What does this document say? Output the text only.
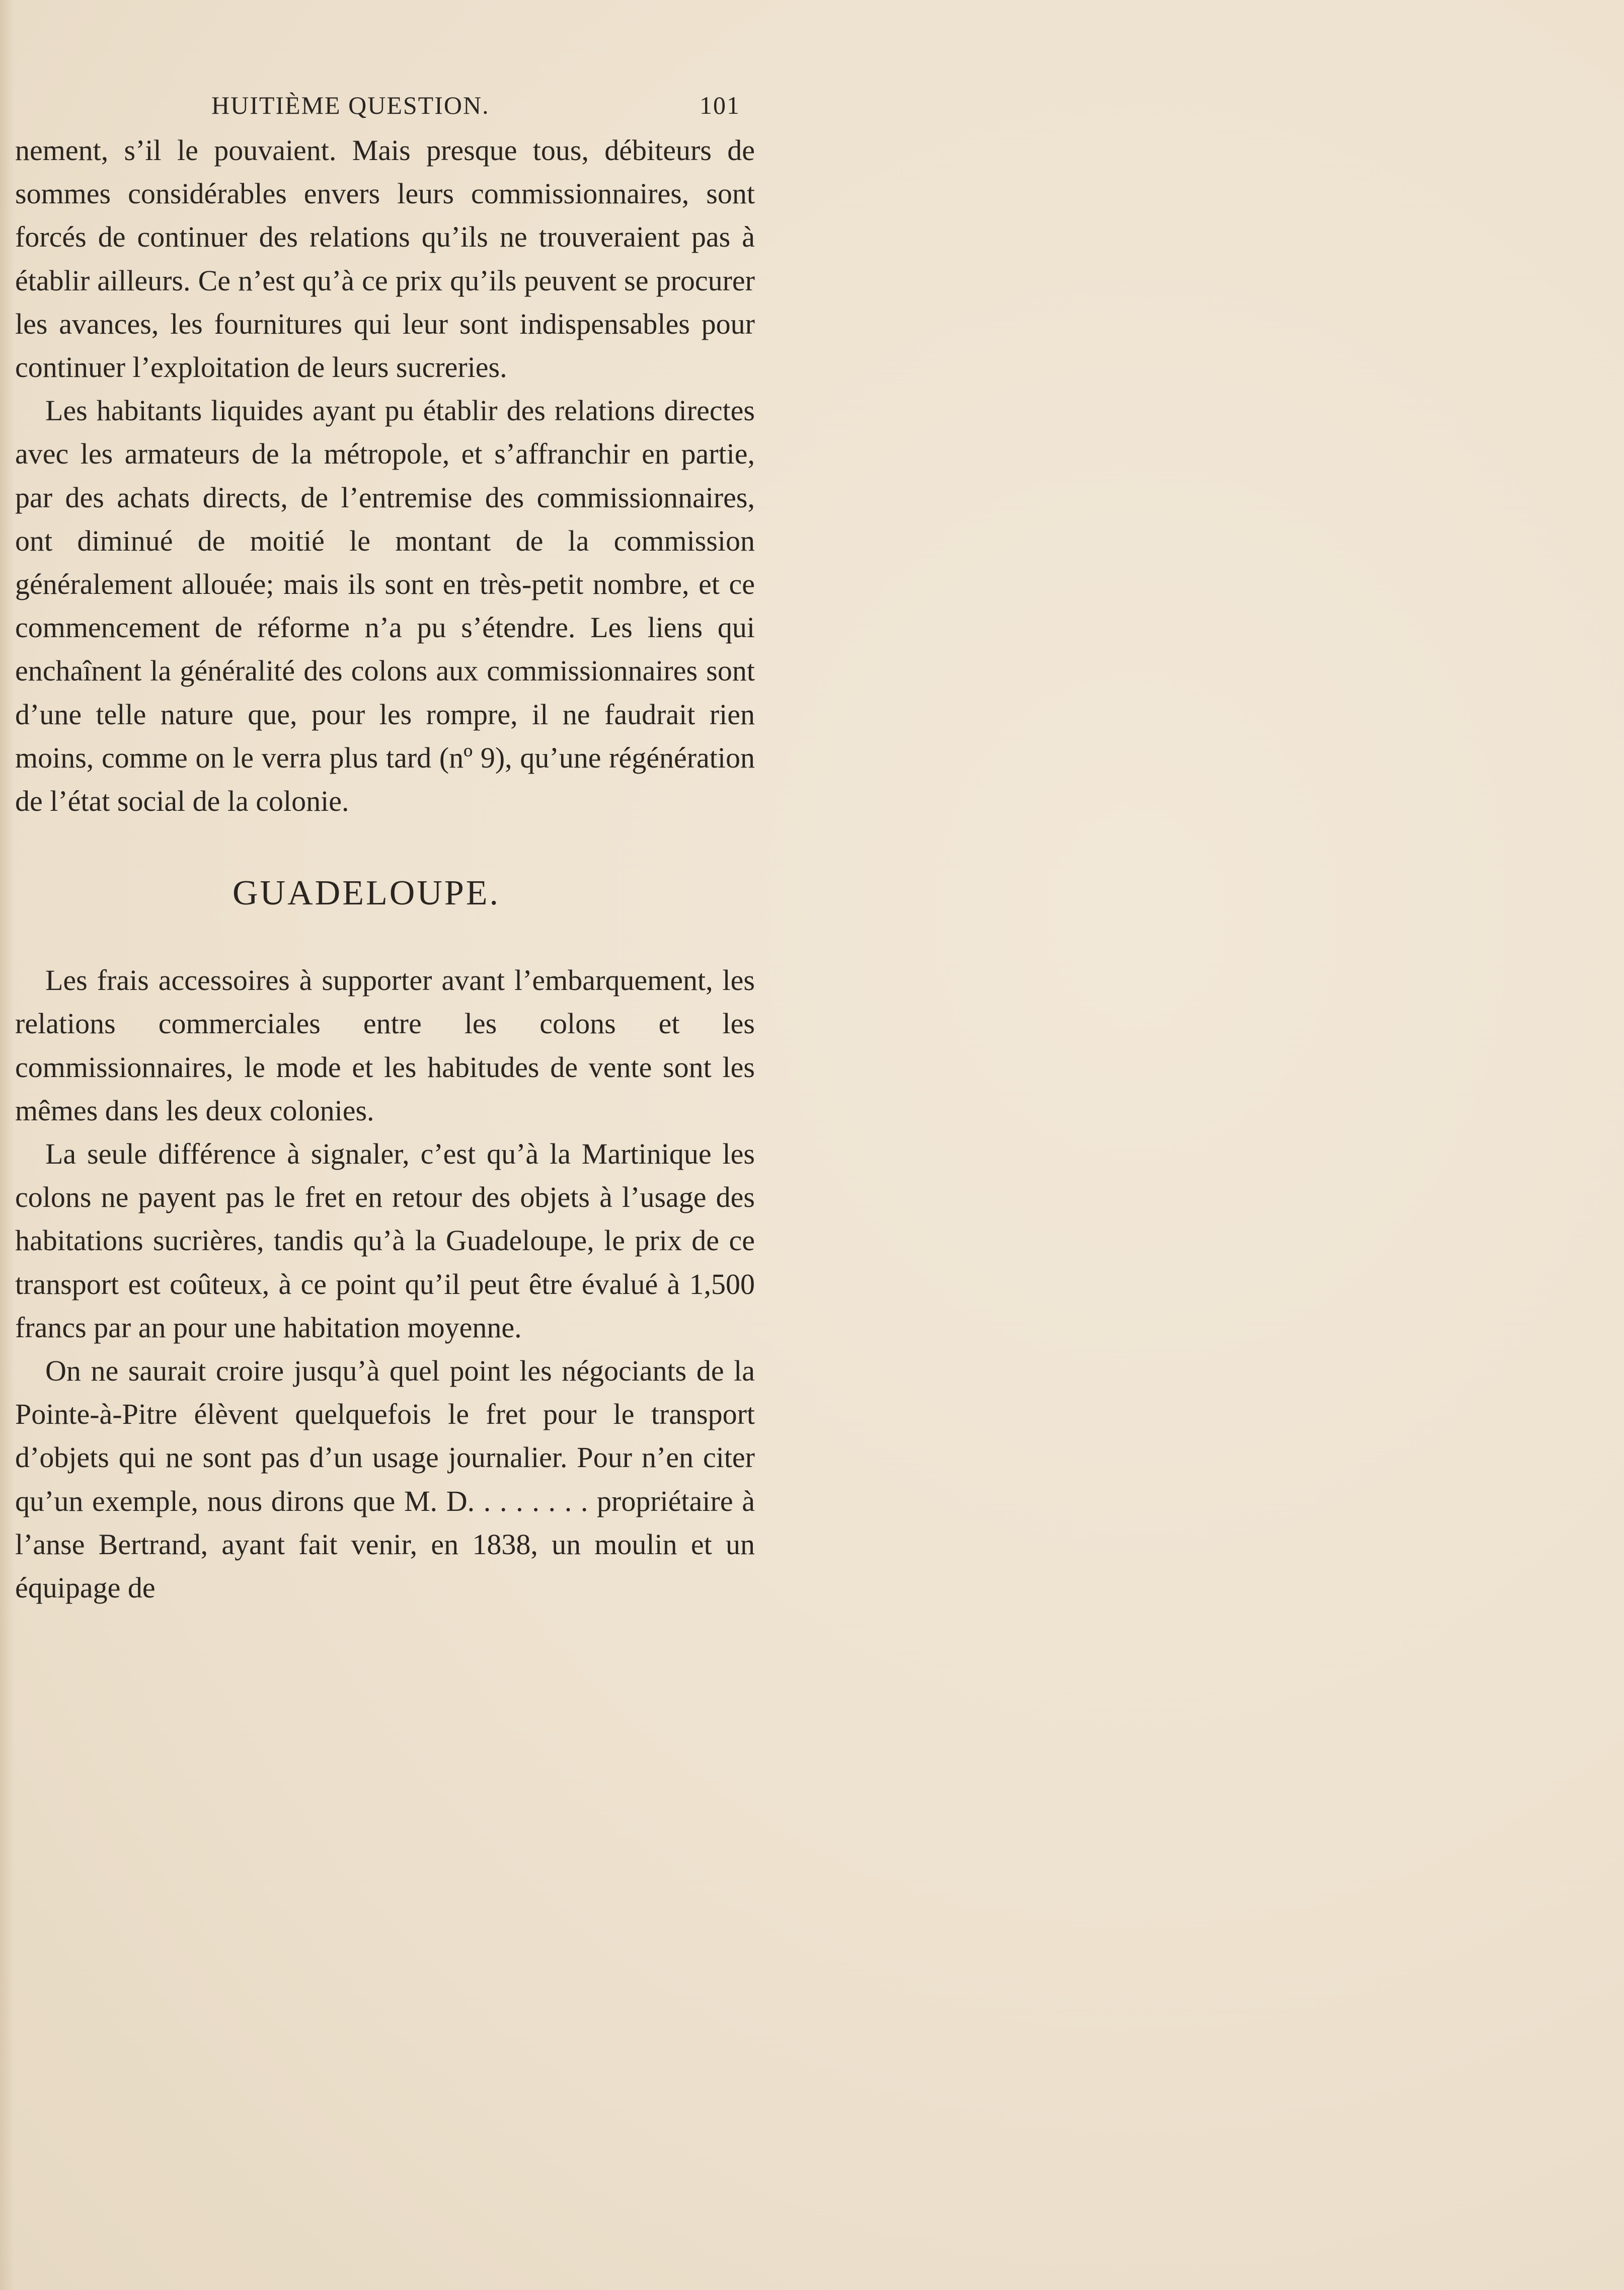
HUITIÈME QUESTION.	101

nement, s’il le pouvaient. Mais presque tous, débiteurs de sommes considérables envers leurs commissionnaires, sont forcés de continuer des relations qu’ils ne trouveraient pas à établir ailleurs. Ce n’est qu’à ce prix qu’ils peuvent se procurer les avances, les fournitures qui leur sont indispensables pour continuer l’exploitation de leurs sucreries.

Les habitants liquides ayant pu établir des relations directes avec les armateurs de la métropole, et s’affranchir en partie, par des achats directs, de l’entremise des commissionnaires, ont diminué de moitié le montant de la commission généralement allouée; mais ils sont en très-petit nombre, et ce commencement de réforme n’a pu s’étendre. Les liens qui enchaînent la généralité des colons aux commissionnaires sont d’une telle nature que, pour les rompre, il ne faudrait rien moins, comme on le verra plus tard (nº 9), qu’une régénération de l’état social de la colonie.

GUADELOUPE.

Les frais accessoires à supporter avant l’embarquement, les relations commerciales entre les colons et les commissionnaires, le mode et les habitudes de vente sont les mêmes dans les deux colonies.

La seule différence à signaler, c’est qu’à la Martinique les colons ne payent pas le fret en retour des objets à l’usage des habitations sucrières, tandis qu’à la Guadeloupe, le prix de ce transport est coûteux, à ce point qu’il peut être évalué à 1,500 francs par an pour une habitation moyenne.

On ne saurait croire jusqu’à quel point les négociants de la Pointe-à-Pitre élèvent quelquefois le fret pour le transport d’objets qui ne sont pas d’un usage journalier. Pour n’en citer qu’un exemple, nous dirons que M. D. . . . . . . . propriétaire à l’anse Bertrand, ayant fait venir, en 1838, un moulin et un équipage de
